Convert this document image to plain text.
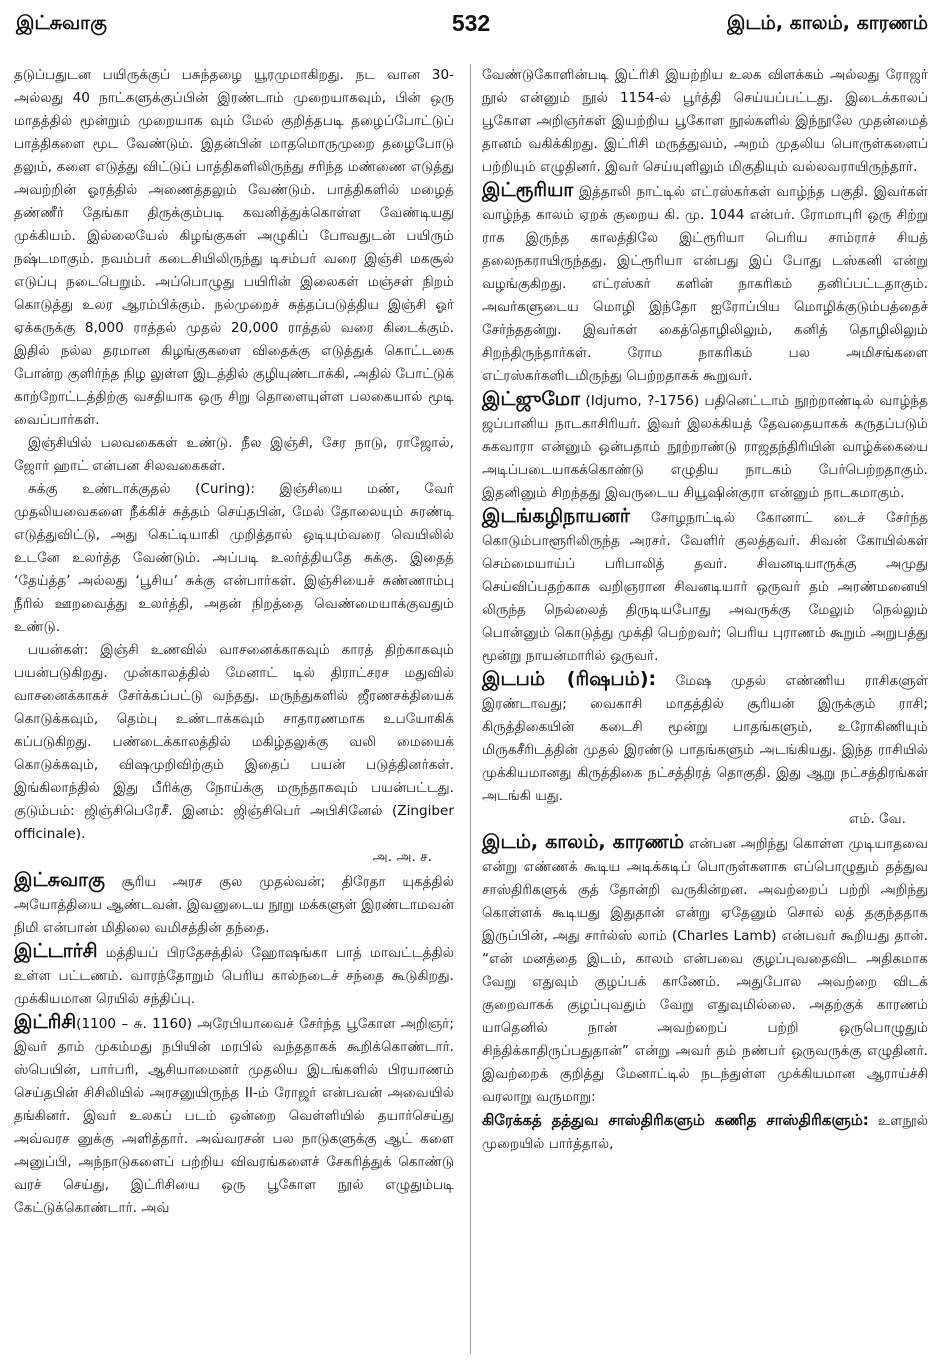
இட்சுவாகு	532	இடம், காலம், காரணம்

தடுப்பதுடன பயிருக்குப் பசுந்தழை யூரமுமாகிறது. நட வான 30-அல்லது 40 நாட்களுக்குப்பின் இரண்டாம் முறையாகவும், பின் ஒரு மாதத்தில் மூன்றும் முறையாக வும் மேல் குறித்தபடி தழைப்போட்டுப் பாத்திகளை மூட வேண்டும். இதன்பின் மாதமொருமுறை தழைபோடு தலும், களை எடுத்து விட்டுப் பாத்திகளிலிருந்து சரிந்த மண்ணை எடுத்து அவற்றின் ஓரத்தில் அணைத்தலும் வேண்டும். பாத்திகளில் மழைத் தண்ணீர் தேங்கா திருக்கும்படி கவனித்துக்கொள்ள வேண்டியது முக்கியம். இல்லையேல் கிழங்குகள் அழுகிப் போவதுடன் பயிரும் நஷ்டமாகும். நவம்பர் கடைசியிலிருந்து டிசம்பர் வரை இஞ்சி மகசூல் எடுப்பு நடைபெறும். அப்பொழுது பயிரின் இலைகள் மஞ்சள் நிறம் கொடுத்து உலர ஆரம்பிக்கும். நல்முறைச் சுத்தப்படுத்திய இஞ்சி ஓர் ஏக்கருக்கு 8,000 ராத்தல் முதல் 20,000 ராத்தல் வரை கிடைக்கும். இதில் நல்ல தரமான கிழங்குகளை விதைக்கு எடுத்துக் கொட்டகை போன்ற குளிர்ந்த நிழ லுள்ள இடத்தில் குழியுண்டாக்கி, அதில் போட்டுக் காற்றோட்டத்திற்கு வசதியாக ஒரு சிறு தொளையுள்ள பலகையால் மூடி வைப்பார்கள்.

இஞ்சியில் பலவகைகள் உண்டு. நீல இஞ்சி, சேர நாடு, ராஜோல், ஜோர் ஹாட் என்பன சிலவகைகள்.

சுக்கு உண்டாக்குதல் (Curing): இஞ்சியை மண், வேர் முதலியவைகளை நீக்கிச் சுத்தம் செய்தபின், மேல் தோலையும் சுரண்டி எடுத்துவிட்டு, அது கெட்டியாகி முறித்தால் ஒடியும்வரை வெயிலில் உடனே உலர்த்த வேண்டும். அப்படி உலர்த்தியதே சுக்கு. இதைத் ‘தேய்த்த’ அல்லது ‘பூசிய’ சுக்கு என்பார்கள். இஞ்சியைச் சுண்ணாம்பு நீரில் ஊறவைத்து உலர்த்தி, அதன் நிறத்தை வெண்மையாக்குவதும் உண்டு.

பயன்கள்: இஞ்சி உணவில் வாசனைக்காகவும் காரத் திற்காகவும் பயன்படுகிறது. முன்காலத்தில் மேனாட் டில் திராட்சரச மதுவில் வாசனைக்காகச் சேர்க்கப்பட்டு வந்தது. மருந்துகளில் ஜீரணசக்தியைக் கொடுக்கவும், தெம்பு உண்டாக்கவும் சாதாரணமாக உபயோகிக் கப்படுகிறது. பண்டைக்காலத்தில் மகிழ்தலுக்கு வலி மையைக் கொடுக்கவும், விஷமுறிவிற்கும் இதைப் பயன் படுத்தினர்கள். இங்கிலாந்தில் இது பீரிக்கு நோய்க்கு மருந்தாகவும் பயன்பட்டது. குடும்பம்: ஜிஞ்சிபெரேசீ. இனம்: ஜிஞ்சிபெர் அபிசினேல் (Zingiber officinale).

அ. அ. ச.

இட்சுவாகு சூரிய அரச குல முதல்வன்; திரேதா யுகத்தில் அயோத்தியை ஆண்டவன். இவனுடைய நூறு மக்களுள் இரண்டாமவன் நிமி என்பான் மிதிலை வமிசத்தின் தந்தை.

இட்டார்சி மத்தியப் பிரதேசத்தில் ஹோஷங்கா பாத் மாவட்டத்தில் உள்ள பட்டணம். வாரந்தோறும் பெரிய கால்நடைச் சந்தை கூடுகிறது. முக்கியமான ரெயில் சந்திப்பு.

இட்ரிசி(1100 – சு. 1160) அரேபியாவைச் சேர்ந்த பூகோள அறிஞர்; இவர் தாம் முகம்மது நபியின் மரபில் வந்ததாகக் கூறிக்கொண்டார். ஸ்பெயின், பார்பரி, ஆசியாமைனர் முதலிய இடங்களில் பிரயாணம் செய்தபின் சிசிலியில் அரசனுயிருந்த II-ம் ரோஜர் என்பவன் அவையில் தங்கினர். இவர் உலகப் படம் ஒன்றை வெள்ளியில் தயார்செய்து அவ்வரச னுக்கு அளித்தார். அவ்வரசன் பல நாடுகளுக்கு ஆட் களை அனுப்பி, அந்நாடுகளைப் பற்றிய விவரங்களைச் சேகரித்துக் கொண்டு வரச் செய்து, இட்ரிசியை ஒரு பூகோள நூல் எழுதும்படி கேட்டுக்கொண்டார். அவ்

வேண்டுகோளின்படி இட்ரிசி இயற்றிய உலக விளக்கம் அல்லது ரோஜர் நூல் என்னும் நூல் 1154-ல் பூர்த்தி செய்யப்பட்டது. இடைக்காலப் பூகோள அறிஞர்கள் இயற்றிய பூகோள நூல்களில் இந்நூலே முதன்மைத் தானம் வகிக்கிறது. இட்ரிசி மருத்துவம், அறம் முதலிய பொருள்களைப் பற்றியும் எழுதினர். இவர் செய்யுளிலும் மிகுதியும் வல்லவராயிருந்தார்.

இட்ரூரியா இத்தாலி நாட்டில் எட்ரஸ்கர்கள் வாழ்ந்த பகுதி. இவர்கள் வாழ்ந்த காலம் ஏறக் குறைய கி. மு. 1044 என்பர். ரோமாபுரி ஒரு சிற்று ராக இருந்த காலத்திலே இட்ரூரியா பெரிய சாம்ராச் சியத் தலைநகராயிருந்தது. இட்ரூரியா என்பது இப் போது டஸ்கனி என்று வழங்குகிறது. எட்ரஸ்கர் களின் நாகரிகம் தனிப்பட்டதாகும். அவர்களுடைய மொழி இந்தோ ஐரோப்பிய மொழிக்குடும்பத்தைச் சேர்ந்ததன்று. இவர்கள் கைத்தொழிலிலும், கனித் தொழிலிலும் சிறந்திருந்தார்கள். ரோம நாகரிகம் பல அமிசங்களை எட்ரஸ்கர்களிடமிருந்து பெற்றதாகக் கூறுவர்.

இட்ஜுமோ (Idjumo, ?-1756) பதினெட்டாம் நூற்றாண்டில் வாழ்ந்த ஜப்பானிய நாடகாசிரியர். இவர் இலக்கியத் தேவதையாகக் கருதப்படும் சுகவாரா என்னும் ஒன்பதாம் நூற்றாண்டு ராஜதந்திரியின் வாழ்க்கையை அடிப்படையாகக்கொண்டு எழுதிய நாடகம் பேர்பெற்றதாகும். இதனினும் சிறந்தது இவருடைய சியூஷின்குரா என்னும் நாடகமாகும்.

இடங்கழிநாயனர் சோழநாட்டில் கோனாட் டைச் சேர்ந்த கொடும்பாளூரிலிருந்த அரசர். வேளிர் குலத்தவர். சிவன் கோயில்கள் செம்மையாய்ப் பரிபாலித் தவர். சிவனடியாருக்கு அமுது செய்விப்பதற்காக வறிஞரான சிவனடியார் ஒருவர் தம் அரண்மனையி லிருந்த நெல்லைத் திருடியபோது அவருக்கு மேலும் நெல்லும் பொன்னும் கொடுத்து முக்தி பெற்றவர்; பெரிய புராணம் கூறும் அறுபத்து மூன்று நாயன்மாரில் ஒருவர்.

இடபம் (ரிஷபம்): மேஷ முதல் எண்ணிய ராசிகளுள் இரண்டாவது; வைகாசி மாதத்தில் சூரியன் இருக்கும் ராசி; கிருத்திகையின் கடைசி மூன்று பாதங்களும், உரோகிணியும் மிருகசீரிடத்தின் முதல் இரண்டு பாதங்களும் அடங்கியது. இந்த ராசியில் முக்கியமானது கிருத்திகை நட்சத்திரத் தொகுதி. இது ஆறு நட்சத்திரங்கள் அடங்கி யது.

எம். வே.

இடம், காலம், காரணம் என்பன அறிந்து கொள்ள முடியாதவை என்று எண்ணக் கூடிய அடிக்கடிப் பொருள்களாக எப்பொழுதும் தத்துவ சாஸ்திரிகளுக் குத் தோன்றி வருகின்றன. அவற்றைப் பற்றி அறிந்து கொள்ளக் கூடியது இதுதான் என்று ஏதேனும் சொல் லத் தகுந்ததாக இருப்பின், அது சார்ல்ஸ் லாம் (Charles Lamb) என்பவர் கூறியது தான். “என் மனத்தை இடம், காலம் என்பவை குழப்புவதைவிட அதிகமாக வேறு எதுவும் குழப்பக் காணேம். அதுபோல அவற்றை விடக் குறைவாகக் குழப்புவதும் வேறு எதுவுமில்லை. அதற்குக் காரணம் யாதெனில் நான் அவற்றைப் பற்றி ஒருபொழுதும் சிந்திக்காதிருப்பதுதான்” என்று அவர் தம் நண்பர் ஒருவருக்கு எழுதினர். இவற்றைக் குறித்து மேனாட்டில் நடந்துள்ள முக்கியமான ஆராய்ச்சி வரலாறு வருமாறு:

கிரேக்கத் தத்துவ சாஸ்திரிகளும் கணித சாஸ்திரிகளும்: உளநூல் முறையில் பார்த்தால்,
